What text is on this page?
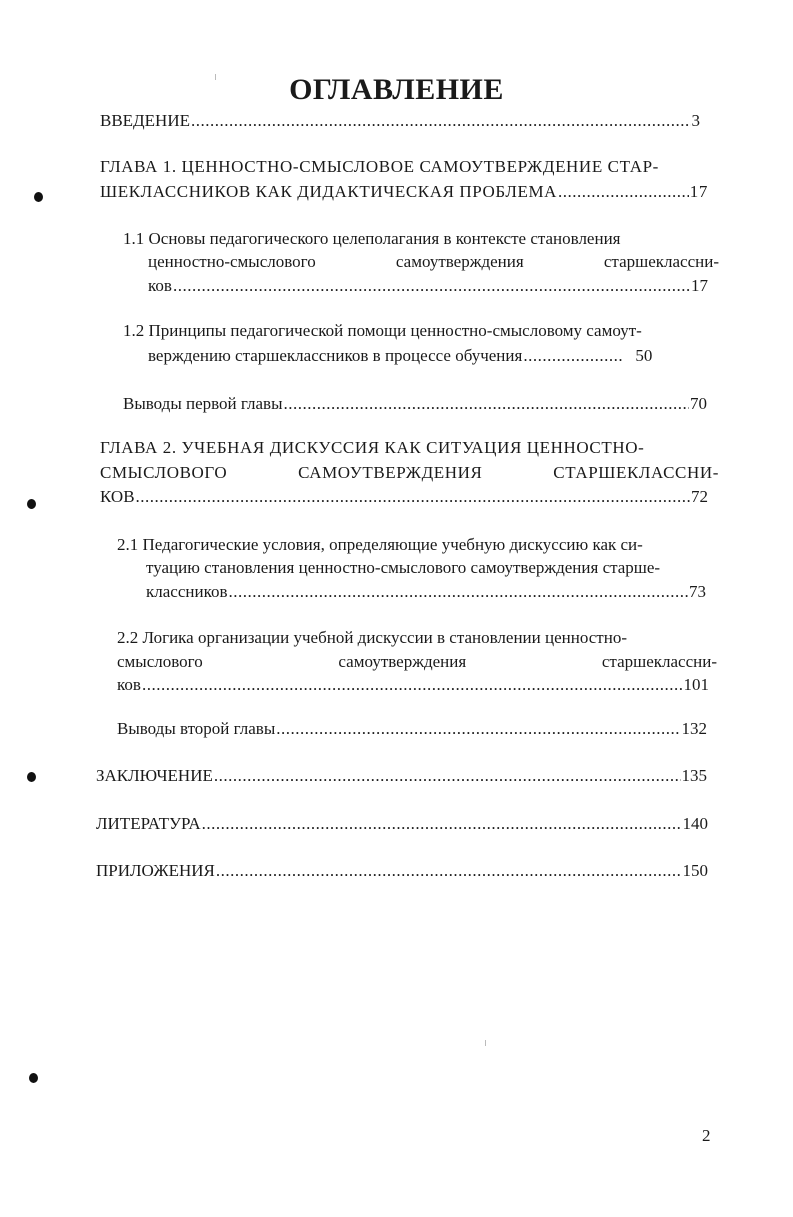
ОГЛАВЛЕНИЕ
ВВЕДЕНИЕ .....	3
ГЛАВА 1. ЦЕННОСТНО-СМЫСЛОВОЕ САМОУТВЕРЖДЕНИЕ СТАР-
ШЕКЛАССНИКОВ КАК ДИДАКТИЧЕСКАЯ ПРОБЛЕМА .....	17
1.1 Основы педагогического целеполагания в контексте становления
ценностно-смыслового	самоутверждения	старшеклассни-
ков .....	17
1.2 Принципы педагогической помощи ценностно-смысловому самоут-
верждению старшеклассников в процессе обучения .....	50
Выводы первой главы .....	70
ГЛАВА 2. УЧЕБНАЯ ДИСКУССИЯ КАК СИТУАЦИЯ ЦЕННОСТНО-
СМЫСЛОВОГО	САМОУТВЕРЖДЕНИЯ	СТАРШЕКЛАССНИ-
КОВ .....	72
2.1 Педагогические условия, определяющие учебную дискуссию как си-
туацию становления ценностно-смыслового самоутверждения старше-
классников .....	73
2.2 Логика организации учебной дискуссии в становлении ценностно-
смыслового	самоутверждения	старшеклассни-
ков .....	101
Выводы второй главы .....	132
ЗАКЛЮЧЕНИЕ .....	135
ЛИТЕРАТУРА .....	140
ПРИЛОЖЕНИЯ .....	150
2
